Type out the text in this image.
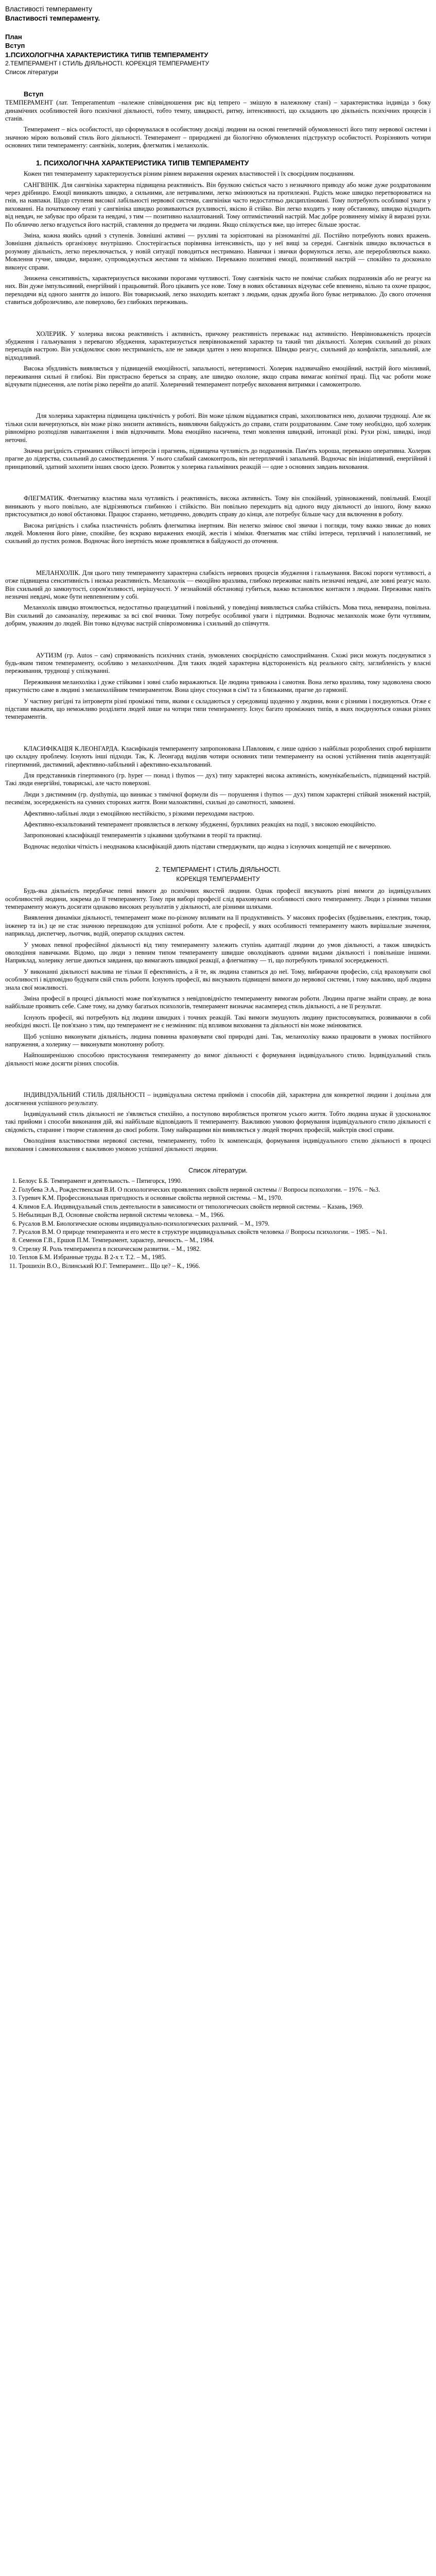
Властивості темпераменту
Властивості темпераменту.
План
Вступ
1.ПСИХОЛОГІЧНА ХАРАКТЕРИСТИКА ТИПІВ ТЕМПЕРАМЕНТУ
2.ТЕМПЕРАМЕНТ І СТИЛЬ ДІЯЛЬНОСТІ. КОРЕКЦІЯ ТЕМПЕРАМЕНТУ
Список літератури
Вступ

ТЕМПЕРАМЕНТ (лат. Temperamentum –належне співвідношення рис від tempero – змішую в належному стані) – характеристика індивіда з боку динамічних особливостей його психічної діяльності, тобто темпу, швидкості, ритму, інтенсивності, що складають цю діяльність психічних процесів і станів.

Темперамент – вісь особистості, що сформувалася в особистому досвіді людини на основі генетичній обумовленості його типу нервової системи і значною мірою вольовий стиль його діяльності. Темперамент – природжені ди біологічно обумовлених підструктур особистості. Розрізняють чотири основних типи темпераменту: сангвінік, холерик, флегматик і меланхолік.

1. ПСИХОЛОГІЧНА ХАРАКТЕРИСТИКА ТИПІВ ТЕМПЕРАМЕНТУ

Кожен тип темпераменту характеризується різним рівнем вираження окремих властивостей і їх своєрідним поєднанням.

САНГВІНІК. Для сангвініка характерна підвищена реактивність. Він брулкою сміється часто з незначного приводу або може дуже роздратованим через дрібницю. Емоції виникають швидко, а сильними, але нетривалими, легко змінюються на протилежні. Радість може швидко перетворюватися на гнів, на навпаки. Щодо ступеня високої лабільності нервової системи, сангвініки часто недостатньо дисципліновані. Тому потребують особливої уваги у вихованні. На початковому етапі у сангвініка швидко розвиваються рухливості, якісно й стійко. Він легко входить у нову обстановку, швидко відходить від невдач, не забуває про образи та невдачі, з тим — позитивно налаштований. Тому оптимістичний настрій. Має добре розвинену міміку й виразні рухи. По обличчю легко вгадується його настрій, ставлення до предмета чи людини. Якщо спілкується вже, що інтерес більше зростає.

Зміна, кожна якийсь одний з ступенів. Зовнішні активні — рухливі та зорієнтовані на різноманітні дії. Постійно потребують нових вражень. Зовнішня діяльність організовує внутрішню. Спостерігається порівняна інтенсивність, що у неї вищі за середні. Сангвінік швидко включається в розумову діяльність, легко переключається, у новій ситуації поводиться нестримано. Навички і звички формуються легко, але переробляються важко. Мовлення гучне, швидке, виразне, супроводжується жестами та мімікою. Переважно позитивні емоції, позитивний настрій — спокійно та досконало виконує справи.

Знижена сенситивність, характеризується високими порогами чутливості. Тому сангвінік часто не помічає слабких подразників або не реагує на них. Він дуже імпульсивний, енергійний і працьовитий. Його цікавить усе нове. Тому в нових обставинах відчуває себе впевнено, вільно та охоче працює, переходячи від одного заняття до іншого. Він товариський, легко знаходить контакт з людьми, однак дружба його буває нетривалою. До свого оточення ставиться доброзичливо, але поверхово, без глибоких переживань.

ХОЛЕРИК. У холерика висока реактивність і активність, причому реактивність переважає над активністю. Неврівноваженість процесів збудження і гальмування з перевагою збудження, характеризується неврівноважений характер та такий тип діяльності. Холерик схильний до різких перепадів настрою. Він усвідомлює свою нестриманість, але не завжди здатен з нею впоратися. Швидко реагує, схильний до конфліктів, запальний, але відходливий.

Висока збудливість виявляється у підвищеній емоційності, запальності, нетерпимості. Холерик надзвичайно емоційний, настрій його мінливий, переживання сильні й глибокі. Він пристрасно береться за справу, але швидко охолоне, якщо справа вимагає копіткої праці. Під час роботи може відчувати піднесення, але потім різко перейти до апатії. Холеричний темперамент потребує виховання витримки і самоконтролю.

Для холерика характерна підвищена циклічність у роботі. Він може цілком віддаватися справі, захоплюватися нею, долаючи труднощі. Але як тільки сили вичерпуються, він може різко знизити активність, виявляючи байдужість до справи, стати роздратованим. Саме тому необхідно, щоб холерик рівномірно розподіляв навантаження і вмів відпочивати. Мова емоційно насичена, темп мовлення швидкий, інтонації різкі. Рухи різкі, швидкі, іноді неточні.

Значна ригідність стриманих стійкості інтересів і прагнень, підвищена чутливість до подразників. Пам'ять хороша, переважно оперативна. Холерик прагне до лідерства, схильний до самоствердження. У нього слабкий самоконтроль, він нетерплячий і запальний. Водночас він ініціативний, енергійний і принциповий, здатний захопити інших своєю ідеєю. Розвиток у холерика гальмівних реакцій — одне з основних завдань виховання.

ФЛЕГМАТИК. Флегматику властива мала чутливість і реактивність, висока активність. Тому він спокійний, урівноважений, повільний. Емоції виникають у нього повільно, але відрізняються глибиною і стійкістю. Він повільно переходить від одного виду діяльності до іншого, йому важко пристосуватися до нової обстановки. Працює старанно, методично, доводить справу до кінця, але потребує більше часу для включення в роботу.

Висока ригідність і слабка пластичність роблять флегматика інертним. Він нелегко змінює свої звички і погляди, тому важко звикає до нових людей. Мовлення його рівне, спокійне, без яскраво виражених емоцій, жестів і міміки. Флегматик має стійкі інтереси, терплячий і наполегливий, не схильний до пустих розмов. Водночас його інертність може проявлятися в байдужості до оточення.

МЕЛАНХОЛІК. Для цього типу темпераменту характерна слабкість нервових процесів збудження і гальмування. Високі пороги чутливості, а отже підвищена сенситивність і низька реактивність. Меланхолік — емоційно вразлива, глибоко переживає навіть незначні невдачі, але зовні реагує мало. Він схильний до замкнутості, сором'язливості, нерішучості. У незнайомій обстановці губиться, важко встановлює контакти з людьми. Переживає навіть незначні невдачі, може бути невпевненим у собі.

Меланхолік швидко втомлюється, недостатньо працездатний і повільний, у поведінці виявляється слабка стійкість. Мова тиха, невиразна, повільна. Він схильний до самоаналізу, переживає за всі свої вчинки. Тому потребує особливої уваги і підтримки. Водночас меланхолік може бути чутливим, добрим, уважним до людей. Він тонко відчуває настрій співрозмовника і схильний до співчуття.

АУТИЗМ (гр. Autos – сам) спрямованість психічних станів, зумовлених своєрідністю самосприймання. Схожі риси можуть поєднуватися з будь-яким типом темпераменту, особливо з меланхолічним. Для таких людей характерна відстороненість від реального світу, заглибленість у власні переживання, труднощі у спілкуванні.

Переживання меланхоліка і дуже стійкими і зовні слабо виражаються. Це людина тривожна і самотня. Вона легко вразлива, тому задоволена своєю присутністю саме в людині з меланхолійним темпераментом. Вона цінує стосунки в сім'ї та з близькими, прагне до гармонії.

У частину ригідні та інтроверти різні проміжні типи, якими є складаються у середовищі щоденно у людини, вони є різними і поєднуються. Отже є підстави вважати, що неможливо розділити людей лише на чотири типи темпераменту. Існує багато проміжних типів, в яких поєднуються ознаки різних темпераментів.

КЛАСИФІКАЦІЯ К.ЛЕОНГАРДА. Класифікація темпераменту запропонована І.Павловим, є лише однією з найбільш розроблених спроб вирішити цю складну проблему. Існують інші підходи. Так, К. Леонгард виділяв чотири основних типи темпераменту на основі устійнення типів акцентуацій: гіпертимний, дистимний, афективно-лабільний і афективно-екзальтований.

Для представників гіпертимного (гр. hyper — понад і thymos — дух) типу характерні висока активність, комунікабельність, підвищений настрій. Такі люди енергійні, товариські, але часто поверхові.

Люди з дистимним (гр. dysthymia, що виникає з тимічної формули dis — порушення і thymos — дух) типом характерні стійкий знижений настрій, песимізм, зосередженість на сумних сторонах життя. Вони малоактивні, схильні до самотності, замкнені.

Афективно-лабільні люди з емоційною нестійкістю, з різкими переходами настрою.

Афективно-екзальтований темперамент проявляється в легкому збудженні, бурхливих реакціях на події, з високою емоційністю.

Запропоновані класифікації темпераментів з цікавими здобутками в теорії та практиці.

Водночас недоліки чіткість і неоднакова класифікацій дають підстави стверджувати, що жодна з існуючих концепцій не є вичерпною.

2. ТЕМПЕРАМЕНТ І СТИЛЬ ДІЯЛЬНОСТІ.
КОРЕКЦІЯ ТЕМПЕРАМЕНТУ

Будь-яка діяльність передбачає певні вимоги до психічних якостей людини. Однак професії висувають різні вимоги до індивідуальних особливостей людини, зокрема до її темпераменту. Тому при виборі професії слід враховувати особливості свого темпераменту. Люди з різними типами темпераменту можуть досягати однаково високих результатів у діяльності, але різними шляхами.

Виявлення динаміки діяльності, темперамент може по-різному впливати на її продуктивність. У масових професіях (будівельник, електрик, токар, інженер та ін.) це не стає значною перешкодою для успішної роботи. Але є професії, у яких особливості темпераменту мають вирішальне значення, наприклад, диспетчер, льотчик, водій, оператор складних систем.

У умовах певної професійної діяльності від типу темпераменту залежить ступінь адаптації людини до умов діяльності, а також швидкість оволодіння навичками. Відомо, що люди з певним типом темпераменту швидше оволодівають одними видами діяльності і повільніше іншими. Наприклад, холерику легше даються завдання, що вимагають швидкої реакції, а флегматику — ті, що потребують тривалої зосередженості.

У виконанні діяльності важлива не тільки її ефективність, а й те, як людина ставиться до неї. Тому, вибираючи професію, слід враховувати свої особливості і відповідно будувати свій стиль роботи. Існують професії, які висувають підвищені вимоги до нервової системи, і тому важливо, щоб людина знала свої можливості.

Зміна професії в процесі діяльності може пов'язуватися з невідповідністю темпераменту вимогам роботи. Людина прагне знайти справу, де вона найбільше проявить себе. Саме тому, на думку багатьох психологів, темперамент визначає насамперед стиль діяльності, а не її результат.

Існують професії, які потребують від людини швидких і точних реакцій. Такі вимоги змушують людину пристосовуватися, розвиваючи в собі необхідні якості. Це пов'язано з тим, що темперамент не є незмінним: під впливом виховання та діяльності він може змінюватися.

Щоб успішно виконувати діяльність, людина повинна враховувати свої природні дані. Так, меланхоліку важко працювати в умовах постійного напруження, а холерику — виконувати монотонну роботу.

Найпоширенішою способою пристосування темпераменту до вимог діяльності є формування індивідуального стилю. Індивідуальний стиль діяльності може досягти різних способів.

ІНДИВІДУАЛЬНИЙ СТИЛЬ ДІЯЛЬНОСТІ – індивідуальна система прийомів і способів дій, характерна для конкретної людини і доцільна для досягнення успішного результату.

Індивідуальний стиль діяльності не з'являється стихійно, а поступово виробляється протягом усього життя. Тобто людина шукає й удосконалює такі прийоми і способи виконання дій, які найбільше відповідають її темпераменту. Важливою умовою формування індивідуального стилю діяльності є свідомість, старанне і творче ставлення до своєї роботи. Тому найкращими він виявляється у людей творчих професій, майстрів своєї справи.

Оволодіння властивостями нервової системи, темпераменту, тобто їх компенсація, формування індивідуального стилю діяльності в процесі виховання і самовиховання є важливою умовою успішної діяльності людини.

Список літератури.
1. Белоус Б.Б. Темперамент и деятельность. – Пятигорск, 1990.
2. Голубева Э.А., Рождественская В.И. О психологических проявлениях свойств нервной системы // Вопросы психологии. – 1976. – №3.
3. Гуревич К.М. Профессиональная пригодность и основные свойства нервной системы. – М., 1970.
4. Климов Е.А. Индивидуальный стиль деятельности в зависимости от типологических свойств нервной системы. – Казань, 1969.
5. Небылицын В.Д. Основные свойства нервной системы человека. – М., 1966.
6. Русалов В.М. Биологические основы индивидуально-психологических различий. – М., 1979.
7. Русалов В.М. О природе темперамента и его месте в структуре индивидуальных свойств человека // Вопросы психологии. – 1985. – №1.
8. Семенов Г.В., Ершов П.М. Темперамент, характер, личность. – М., 1984.
9. Стреляу Я. Роль темперамента в психическом развитии. – М., 1982.
10. Теплов Б.М. Избранные труды. В 2-х т. Т.2. – М., 1985.
11. Трошихін В.О., Вілинський Ю.Г. Темперамент... Що це? – К., 1966.
